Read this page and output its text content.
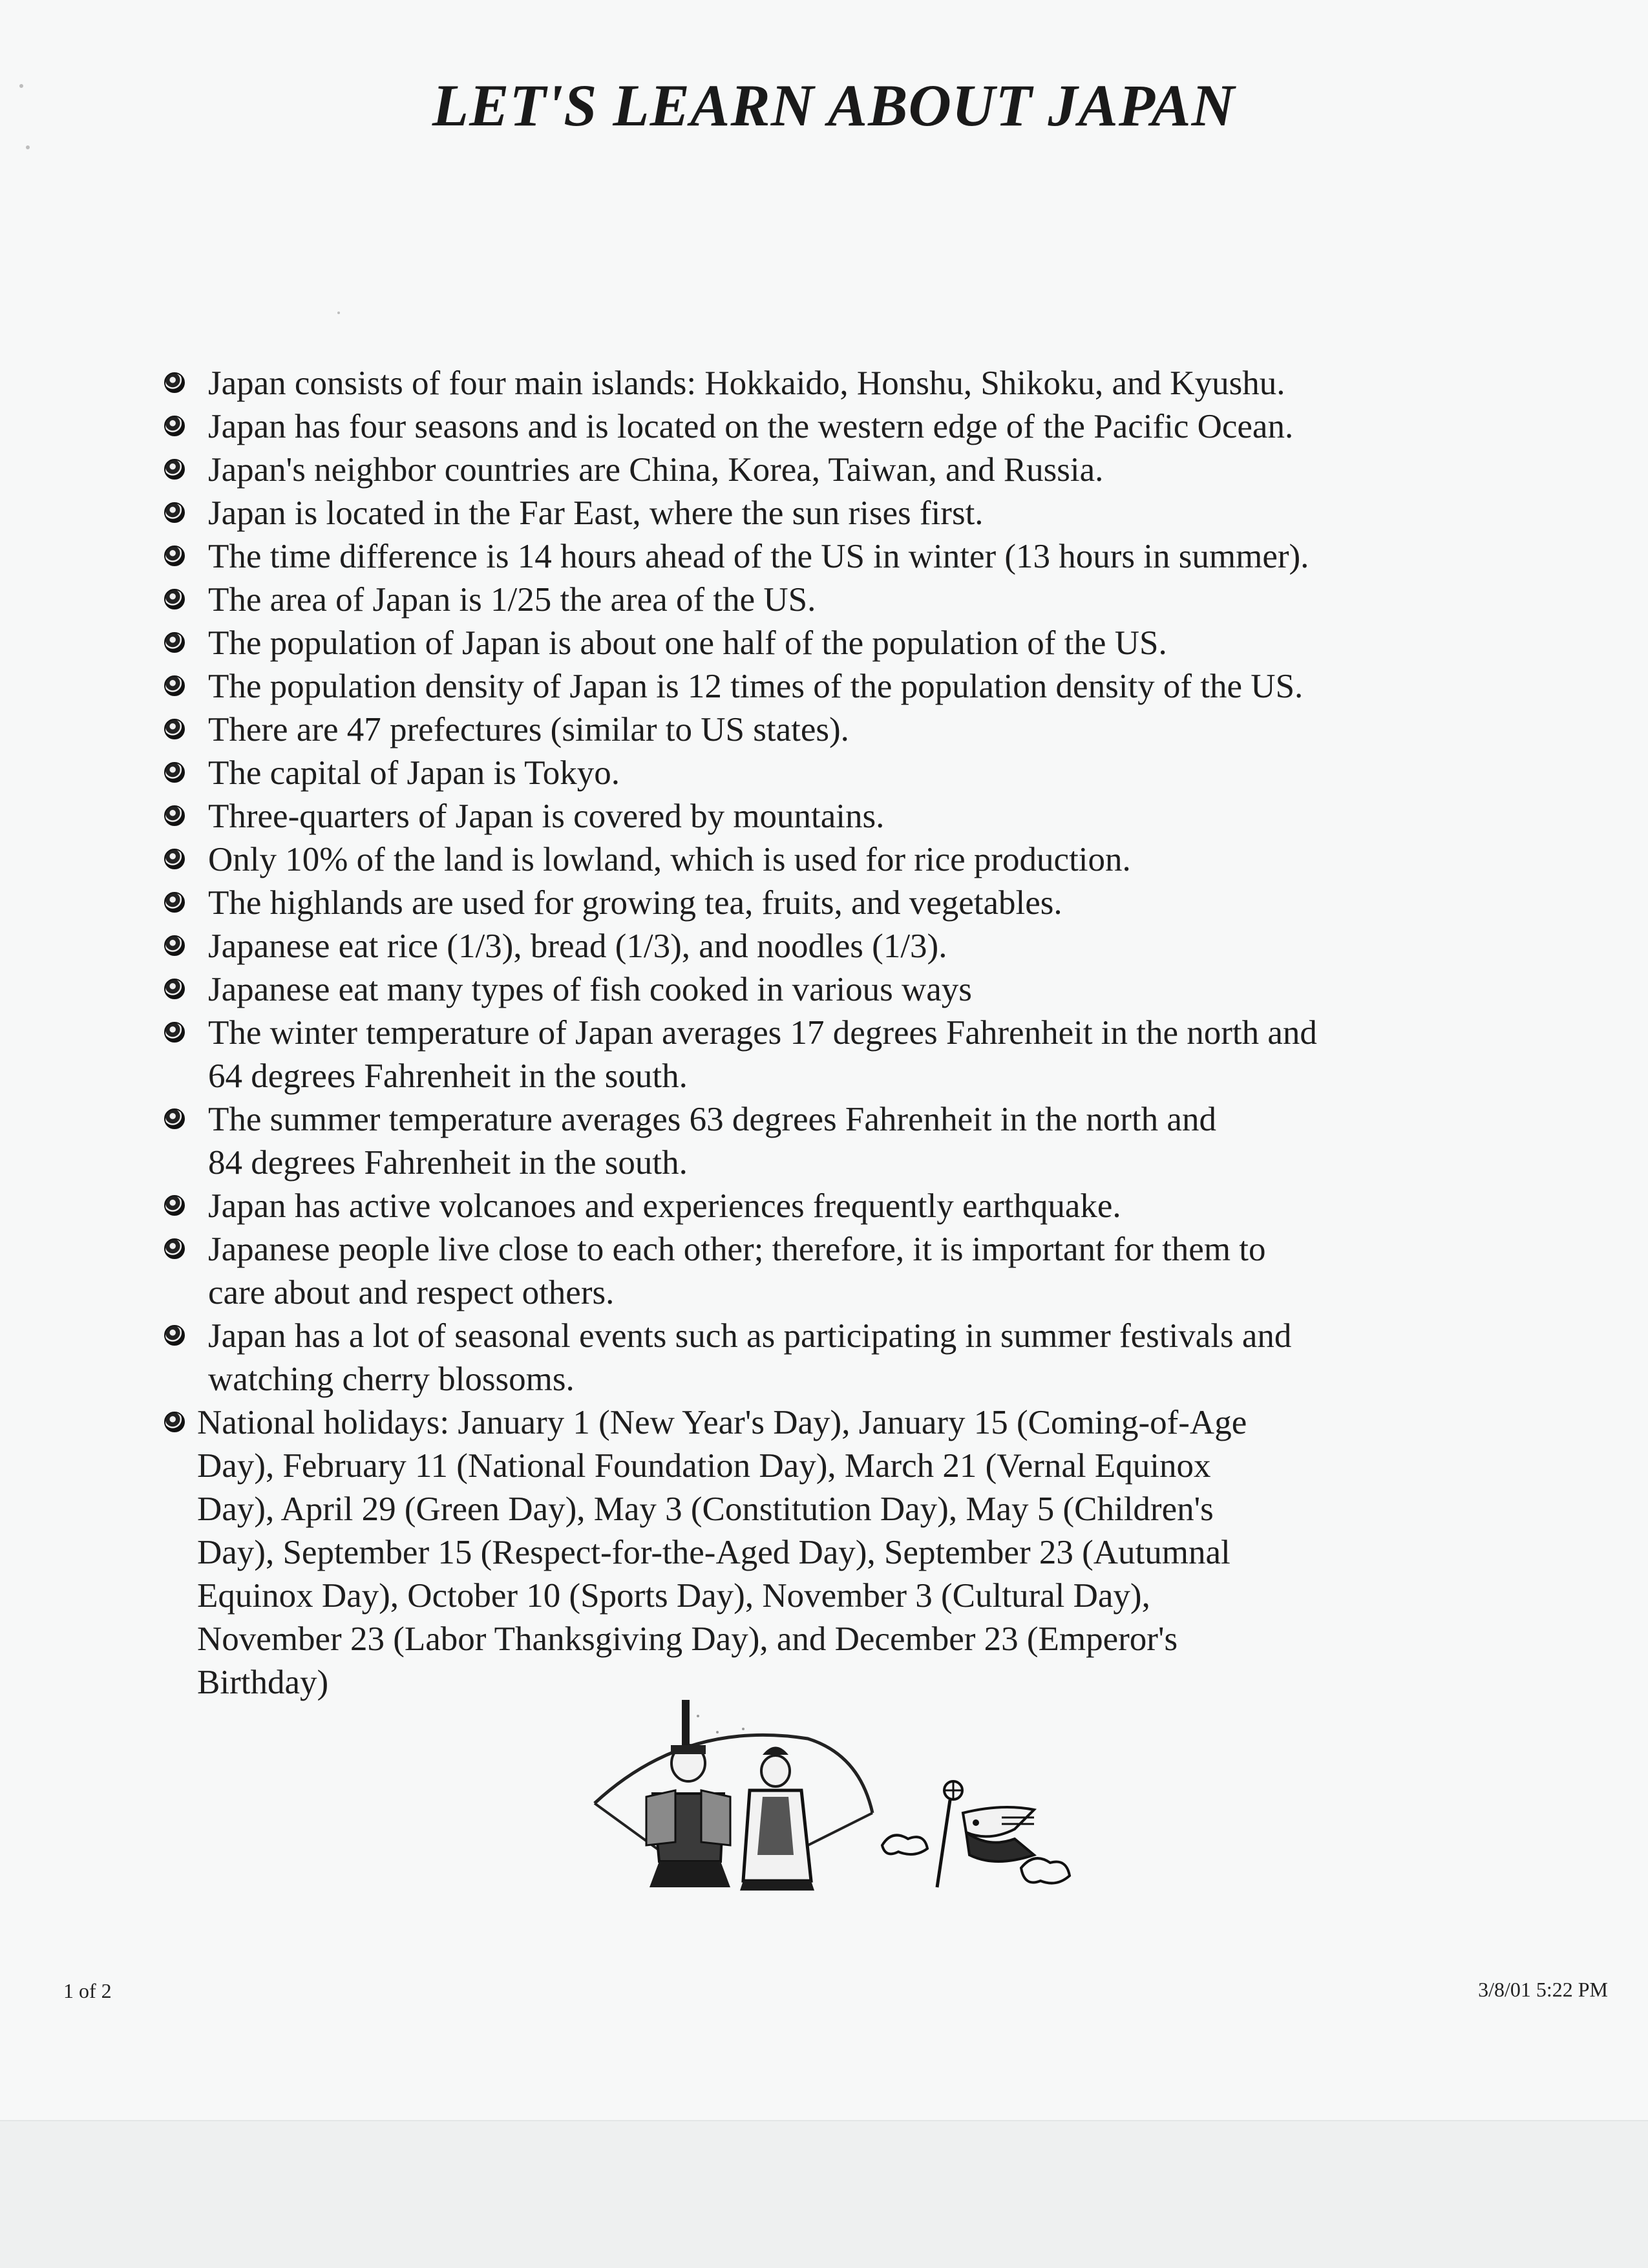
LET'S LEARN ABOUT JAPAN
Japan consists of four main islands: Hokkaido, Honshu, Shikoku, and Kyushu.
Japan has four seasons and is located on the western edge of the Pacific Ocean.
Japan's neighbor countries are China, Korea, Taiwan, and Russia.
Japan is located in the Far East, where the sun rises first.
The time difference is 14 hours ahead of the US in winter (13 hours in summer).
The area of Japan is 1/25 the area of the US.
The population of Japan is about one half of the population of the US.
The population density of Japan is 12 times of the population density of the US.
There are 47 prefectures (similar to US states).
The capital of Japan is Tokyo.
Three-quarters of Japan is covered by mountains.
Only 10% of the land is lowland, which is used for rice production.
The highlands are used for growing tea, fruits, and vegetables.
Japanese eat rice (1/3), bread (1/3), and noodles (1/3).
Japanese eat many types of fish cooked in various ways
The winter temperature of Japan averages 17 degrees Fahrenheit in the north and
64 degrees Fahrenheit in the south.
The summer temperature averages 63 degrees Fahrenheit in the north and
84 degrees Fahrenheit in the south.
Japan has active volcanoes and experiences frequently earthquake.
Japanese people live close to each other; therefore, it is important for them to
care about and respect others.
Japan has a lot of seasonal events such as participating in summer festivals and
watching cherry blossoms.
National holidays: January 1 (New Year's Day), January 15 (Coming-of-Age
Day), February 11 (National Foundation Day), March 21 (Vernal Equinox
Day), April 29 (Green Day), May 3 (Constitution Day), May 5 (Children's
Day), September 15 (Respect-for-the-Aged Day), September 23 (Autumnal
Equinox Day), October 10 (Sports Day), November 3 (Cultural Day),
November 23 (Labor Thanksgiving Day), and December 23 (Emperor's
Birthday)
1 of 2	3/8/01 5:22 PM
